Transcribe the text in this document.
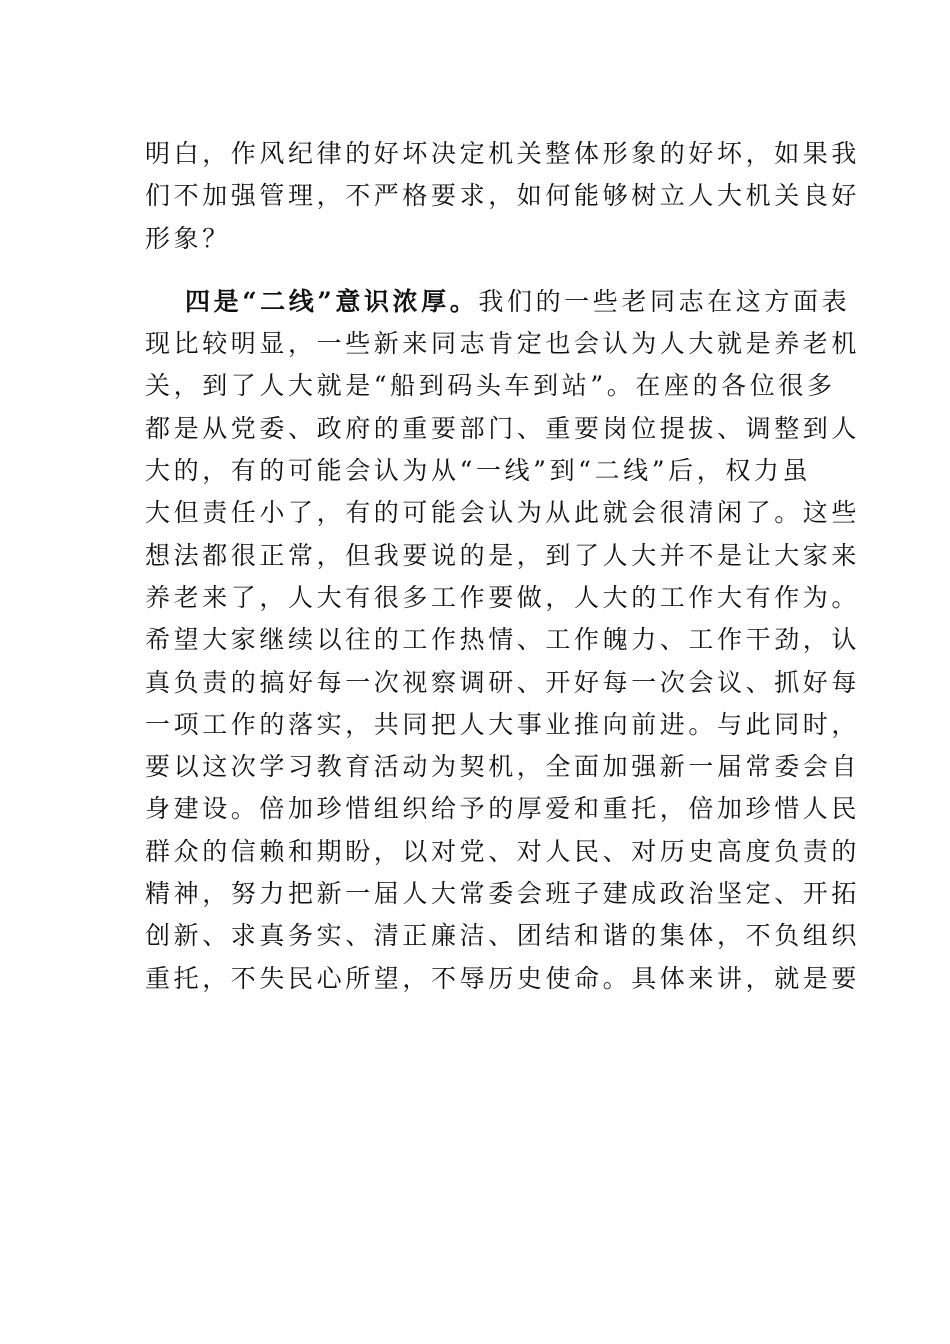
明白，作风纪律的好坏决定机关整体形象的好坏，如果我
们不加强管理，不严格要求，如何能够树立人大机关良好
形象？
四是“二线”意识浓厚。我们的一些老同志在这方面表
现比较明显，一些新来同志肯定也会认为人大就是养老机
关，到了人大就是“船到码头车到站”。在座的各位很多
都是从党委、政府的重要部门、重要岗位提拔、调整到人
大的，有的可能会认为从“一线”到“二线”后，权力虽
大但责任小了，有的可能会认为从此就会很清闲了。这些
想法都很正常，但我要说的是，到了人大并不是让大家来
养老来了，人大有很多工作要做，人大的工作大有作为。
希望大家继续以往的工作热情、工作魄力、工作干劲，认
真负责的搞好每一次视察调研、开好每一次会议、抓好每
一项工作的落实，共同把人大事业推向前进。与此同时，
要以这次学习教育活动为契机，全面加强新一届常委会自
身建设。倍加珍惜组织给予的厚爱和重托，倍加珍惜人民
群众的信赖和期盼，以对党、对人民、对历史高度负责的
精神，努力把新一届人大常委会班子建成政治坚定、开拓
创新、求真务实、清正廉洁、团结和谐的集体，不负组织
重托，不失民心所望，不辱历史使命。具体来讲，就是要
